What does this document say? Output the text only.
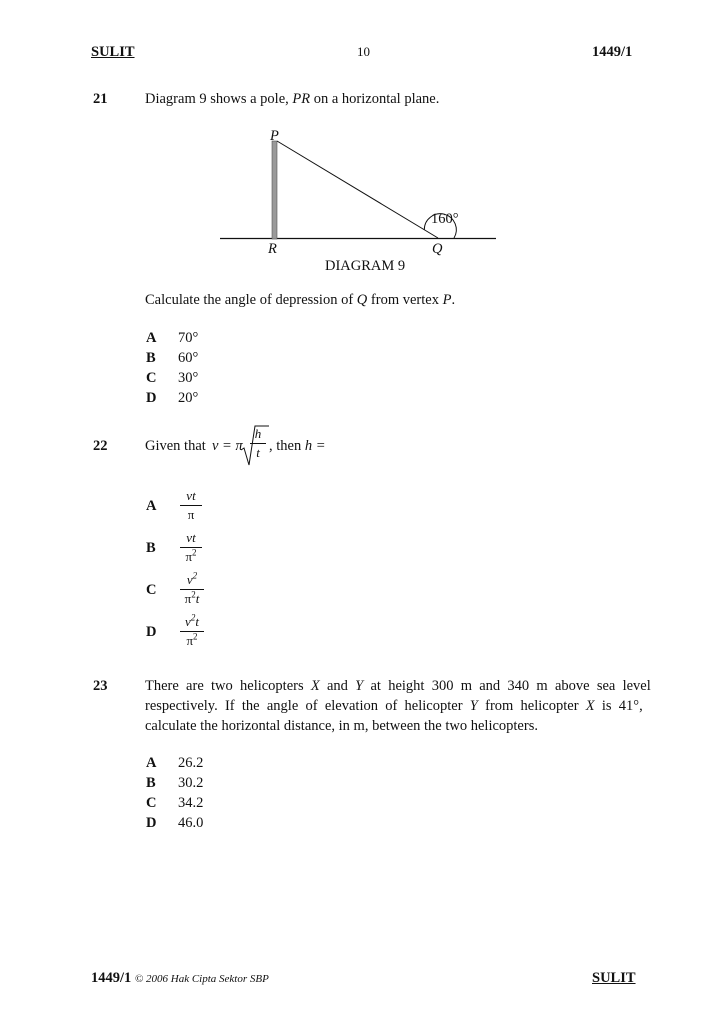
SULIT	10	1449/1
21	Diagram 9 shows a pole, PR on a horizontal plane.
P
160°
R	Q
DIAGRAM 9
Calculate the angle of depression of Q from vertex P.
A 70°
B 60°
C 30°
D 20°
22	Given that v = π
h
t , then h =
A
vt
π
B
vt
$\pi^2$
C
$v^2$
$\pi^2t$
D
$v^2t$
$\pi^2$
23	There  are  two  helicopters  X  and  Y  at  height  300  m  and  340  m  above  sea  level
respectively.  If  the  angle  of  elevation  of  helicopter  Y  from  helicopter  X  is  41°,
calculate the horizontal distance, in m, between the two helicopters.
A 26.2
B 30.2
C 34.2
D 46.0
1449/1 © 2006 Hak Cipta Sektor SBP	SULIT
